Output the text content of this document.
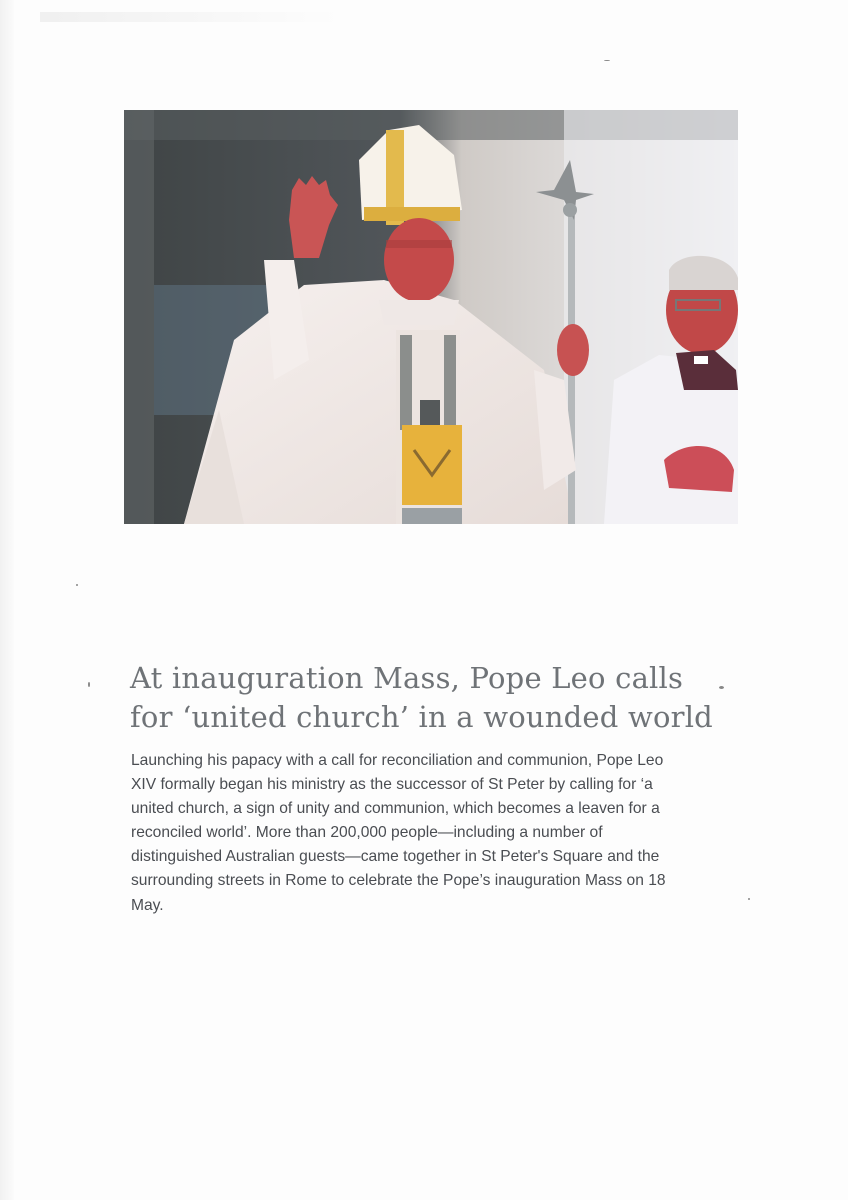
At inauguration Mass, Pope Leo calls
for ‘united church’ in a wounded world

Launching his papacy with a call for reconciliation and communion, Pope Leo
XIV formally began his ministry as the successor of St Peter by calling for ‘a
united church, a sign of unity and communion, which becomes a leaven for a
reconciled world’. More than 200,000 people—including a number of
distinguished Australian guests—came together in St Peter's Square and the
surrounding streets in Rome to celebrate the Pope’s inauguration Mass on 18
May.
